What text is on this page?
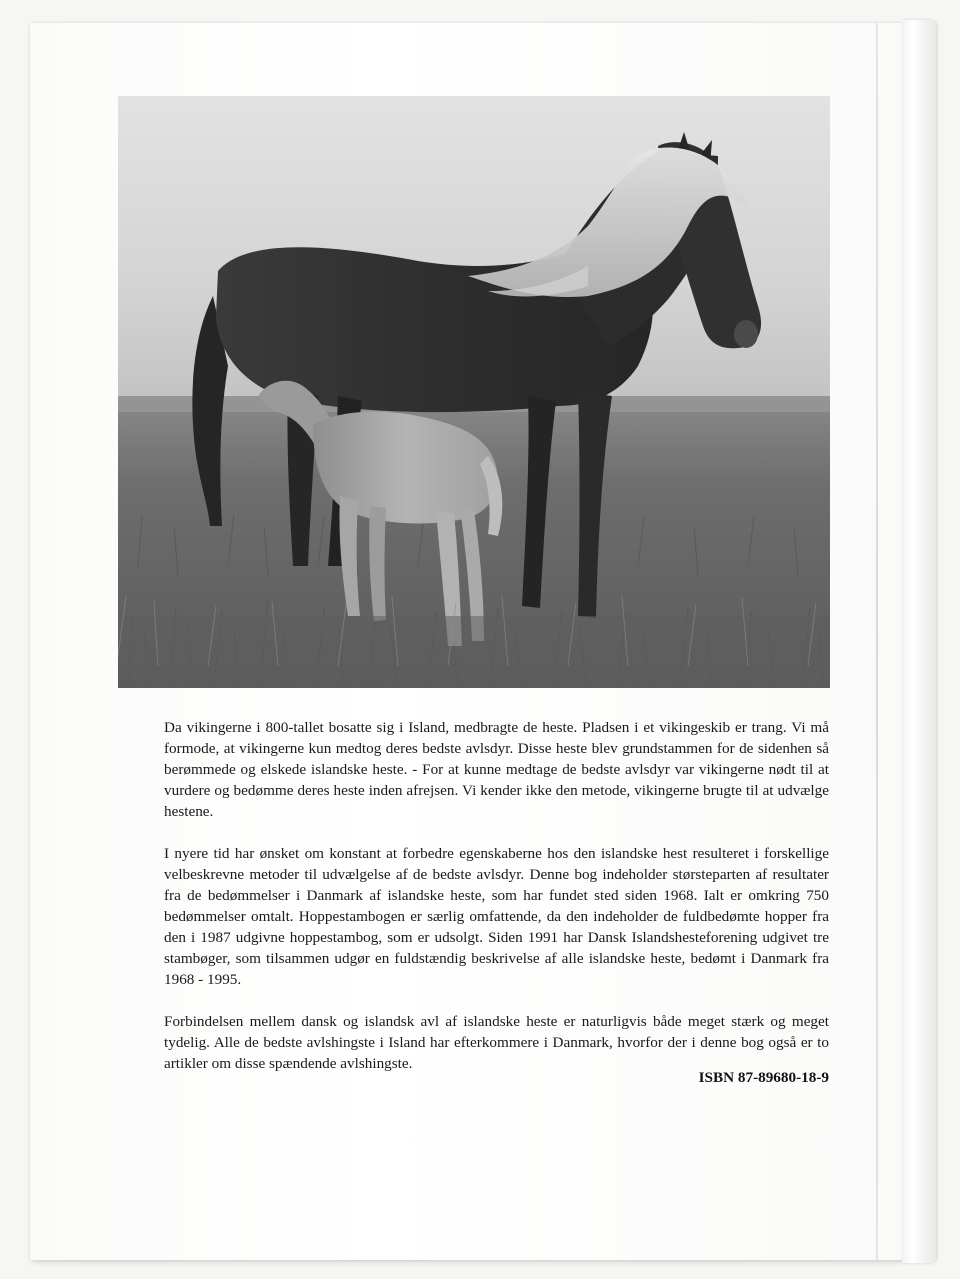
Da vikingerne i 800-tallet bosatte sig i Island, medbragte de heste. Pladsen i et vikingeskib er trang. Vi må formode, at vikingerne kun medtog deres bedste avlsdyr. Disse heste blev grundstammen for de sidenhen så berømmede og elskede islandske heste. - For at kunne medtage de bedste avlsdyr var vikingerne nødt til at vurdere og bedømme deres heste inden afrejsen. Vi kender ikke den metode, vikingerne brugte til at udvælge hestene.

I nyere tid har ønsket om konstant at forbedre egenskaberne hos den islandske hest resulteret i forskellige velbeskrevne metoder til udvælgelse af de bedste avlsdyr. Denne bog indeholder størsteparten af resultater fra de bedømmelser i Danmark af islandske heste, som har fundet sted siden 1968. Ialt er omkring 750 bedømmelser omtalt. Hoppestambogen er særlig omfattende, da den indeholder de fuldbedømte hopper fra den i 1987 udgivne hoppestambog, som er udsolgt. Siden 1991 har Dansk Islandshesteforening udgivet tre stambøger, som tilsammen udgør en fuldstændig beskrivelse af alle islandske heste, bedømt i Danmark fra 1968 - 1995.

Forbindelsen mellem dansk og islandsk avl af islandske heste er naturligvis både meget stærk og meget tydelig. Alle de bedste avlshingste i Island har efterkommere i Danmark, hvorfor der i denne bog også er to artikler om disse spændende avlshingste.

ISBN 87-89680-18-9
